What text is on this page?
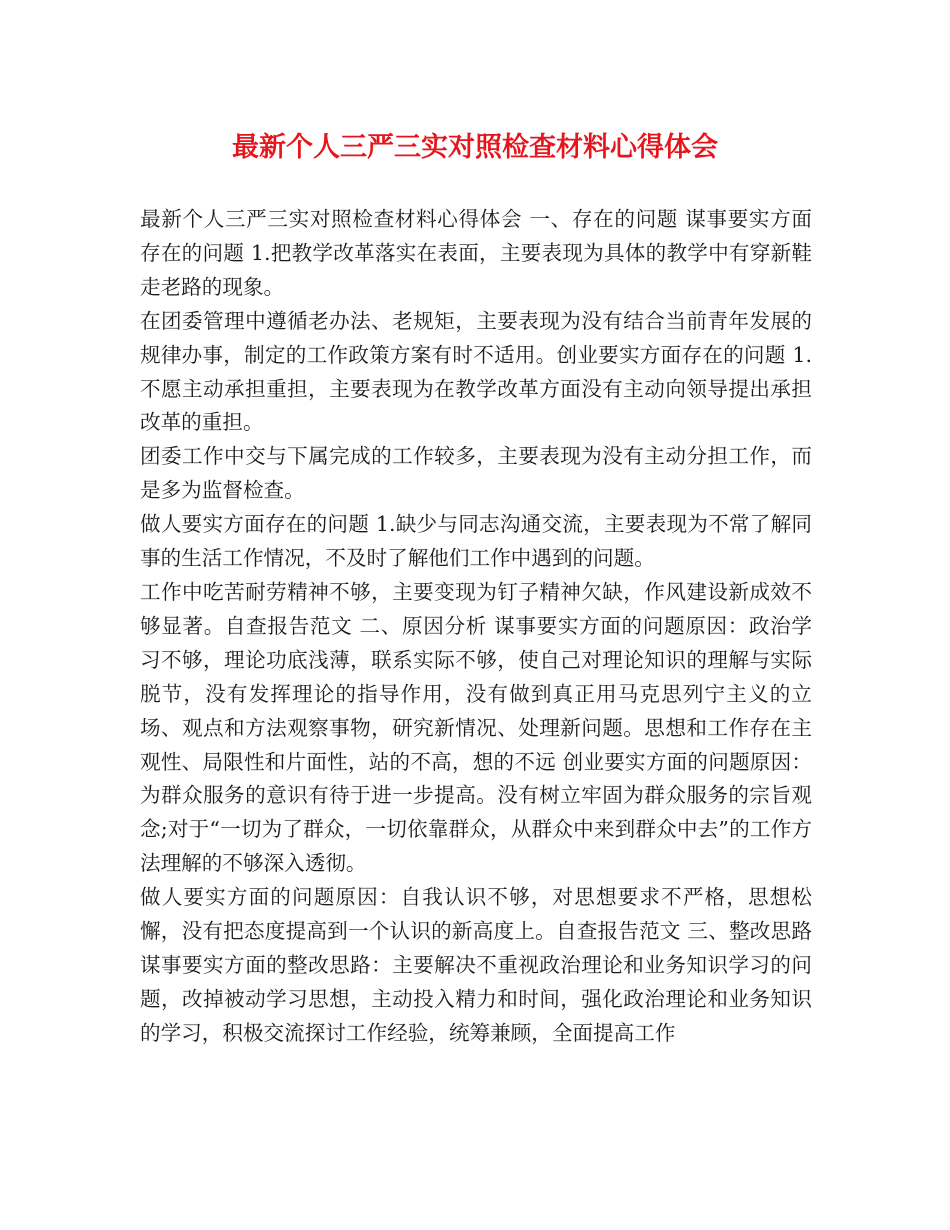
最新个人三严三实对照检查材料心得体会

最新个人三严三实对照检查材料心得体会 一、存在的问题 谋事要实方面存在的问题 1.把教学改革落实在表面，主要表现为具体的教学中有穿新鞋走老路的现象。

在团委管理中遵循老办法、老规矩，主要表现为没有结合当前青年发展的规律办事，制定的工作政策方案有时不适用。创业要实方面存在的问题 1.不愿主动承担重担，主要表现为在教学改革方面没有主动向领导提出承担改革的重担。

团委工作中交与下属完成的工作较多，主要表现为没有主动分担工作，而是多为监督检查。

做人要实方面存在的问题 1.缺少与同志沟通交流，主要表现为不常了解同事的生活工作情况，不及时了解他们工作中遇到的问题。

工作中吃苦耐劳精神不够，主要变现为钉子精神欠缺，作风建设新成效不够显著。自查报告范文 二、原因分析 谋事要实方面的问题原因：政治学习不够，理论功底浅薄，联系实际不够，使自己对理论知识的理解与实际脱节，没有发挥理论的指导作用，没有做到真正用马克思列宁主义的立场、观点和方法观察事物，研究新情况、处理新问题。思想和工作存在主观性、局限性和片面性，站的不高，想的不远 创业要实方面的问题原因：为群众服务的意识有待于进一步提高。没有树立牢固为群众服务的宗旨观念;对于“一切为了群众，一切依靠群众，从群众中来到群众中去”的工作方法理解的不够深入透彻。

做人要实方面的问题原因：自我认识不够，对思想要求不严格，思想松懈，没有把态度提高到一个认识的新高度上。自查报告范文 三、整改思路 谋事要实方面的整改思路：主要解决不重视政治理论和业务知识学习的问题，改掉被动学习思想，主动投入精力和时间，强化政治理论和业务知识的学习，积极交流探讨工作经验，统筹兼顾，全面提高工作
